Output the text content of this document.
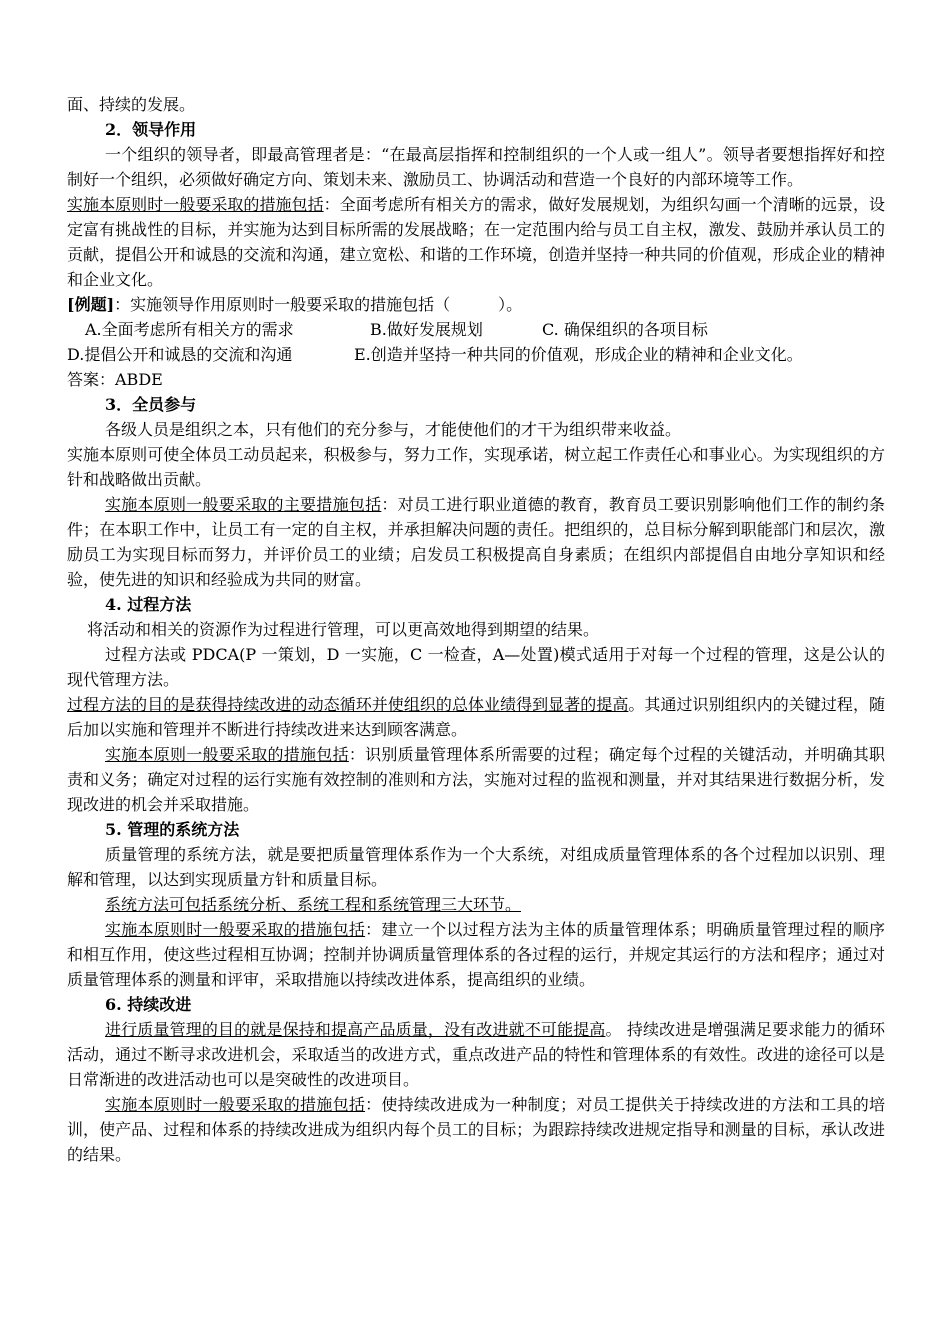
面、持续的发展。

2．领导作用

一个组织的领导者，即最高管理者是：“在最高层指挥和控制组织的一个人或一组人”。领导者要想指挥好和控制好一个组织，必须做好确定方向、策划未来、激励员工、协调活动和营造一个良好的内部环境等工作。

实施本原则时一般要采取的措施包括：全面考虑所有相关方的需求，做好发展规划，为组织勾画一个清晰的远景，设定富有挑战性的目标，并实施为达到目标所需的发展战略；在一定范围内给与员工自主权，激发、鼓励并承认员工的贡献，提倡公开和诚恳的交流和沟通，建立宽松、和谐的工作环境，创造并坚持一种共同的价值观，形成企业的精神和企业文化。

[例题]：实施领导作用原则时一般要采取的措施包括（　　　）。

A.全面考虑所有相关方的需求	B.做好发展规划	C. 确保组织的各项目标

D.提倡公开和诚恳的交流和沟通	E.创造并坚持一种共同的价值观，形成企业的精神和企业文化。

答案：ABDE

3．全员参与

各级人员是组织之本，只有他们的充分参与，才能使他们的才干为组织带来收益。

实施本原则可使全体员工动员起来，积极参与，努力工作，实现承诺，树立起工作责任心和事业心。为实现组织的方针和战略做出贡献。

实施本原则一般要采取的主要措施包括：对员工进行职业道德的教育，教育员工要识别影响他们工作的制约条件；在本职工作中，让员工有一定的自主权，并承担解决问题的责任。把组织的，总目标分解到职能部门和层次，激励员工为实现目标而努力，并评价员工的业绩；启发员工积极提高自身素质；在组织内部提倡自由地分享知识和经验，使先进的知识和经验成为共同的财富。

4. 过程方法

将活动和相关的资源作为过程进行管理，可以更高效地得到期望的结果。

过程方法或 PDCA(P 一策划，D 一实施，C 一检查，A—处置)模式适用于对每一个过程的管理，这是公认的现代管理方法。

过程方法的目的是获得持续改进的动态循环并使组织的总体业绩得到显著的提高。其通过识别组织内的关键过程，随后加以实施和管理并不断进行持续改进来达到顾客满意。

实施本原则一般要采取的措施包括：识别质量管理体系所需要的过程；确定每个过程的关键活动，并明确其职责和义务；确定对过程的运行实施有效控制的准则和方法，实施对过程的监视和测量，并对其结果进行数据分析，发现改进的机会并采取措施。

5. 管理的系统方法

质量管理的系统方法，就是要把质量管理体系作为一个大系统，对组成质量管理体系的各个过程加以识别、理解和管理，以达到实现质量方针和质量目标。

系统方法可包括系统分析、系统工程和系统管理三大环节。

实施本原则时一般要采取的措施包括：建立一个以过程方法为主体的质量管理体系；明确质量管理过程的顺序和相互作用，使这些过程相互协调；控制并协调质量管理体系的各过程的运行，并规定其运行的方法和程序；通过对质量管理体系的测量和评审，采取措施以持续改进体系，提高组织的业绩。

6. 持续改进

进行质量管理的目的就是保持和提高产品质量，没有改进就不可能提高。 持续改进是增强满足要求能力的循环活动，通过不断寻求改进机会，采取适当的改进方式，重点改进产品的特性和管理体系的有效性。改进的途径可以是日常渐进的改进活动也可以是突破性的改进项目。

实施本原则时一般要采取的措施包括：使持续改进成为一种制度；对员工提供关于持续改进的方法和工具的培训，使产品、过程和体系的持续改进成为组织内每个员工的目标；为跟踪持续改进规定指导和测量的目标，承认改进的结果。
